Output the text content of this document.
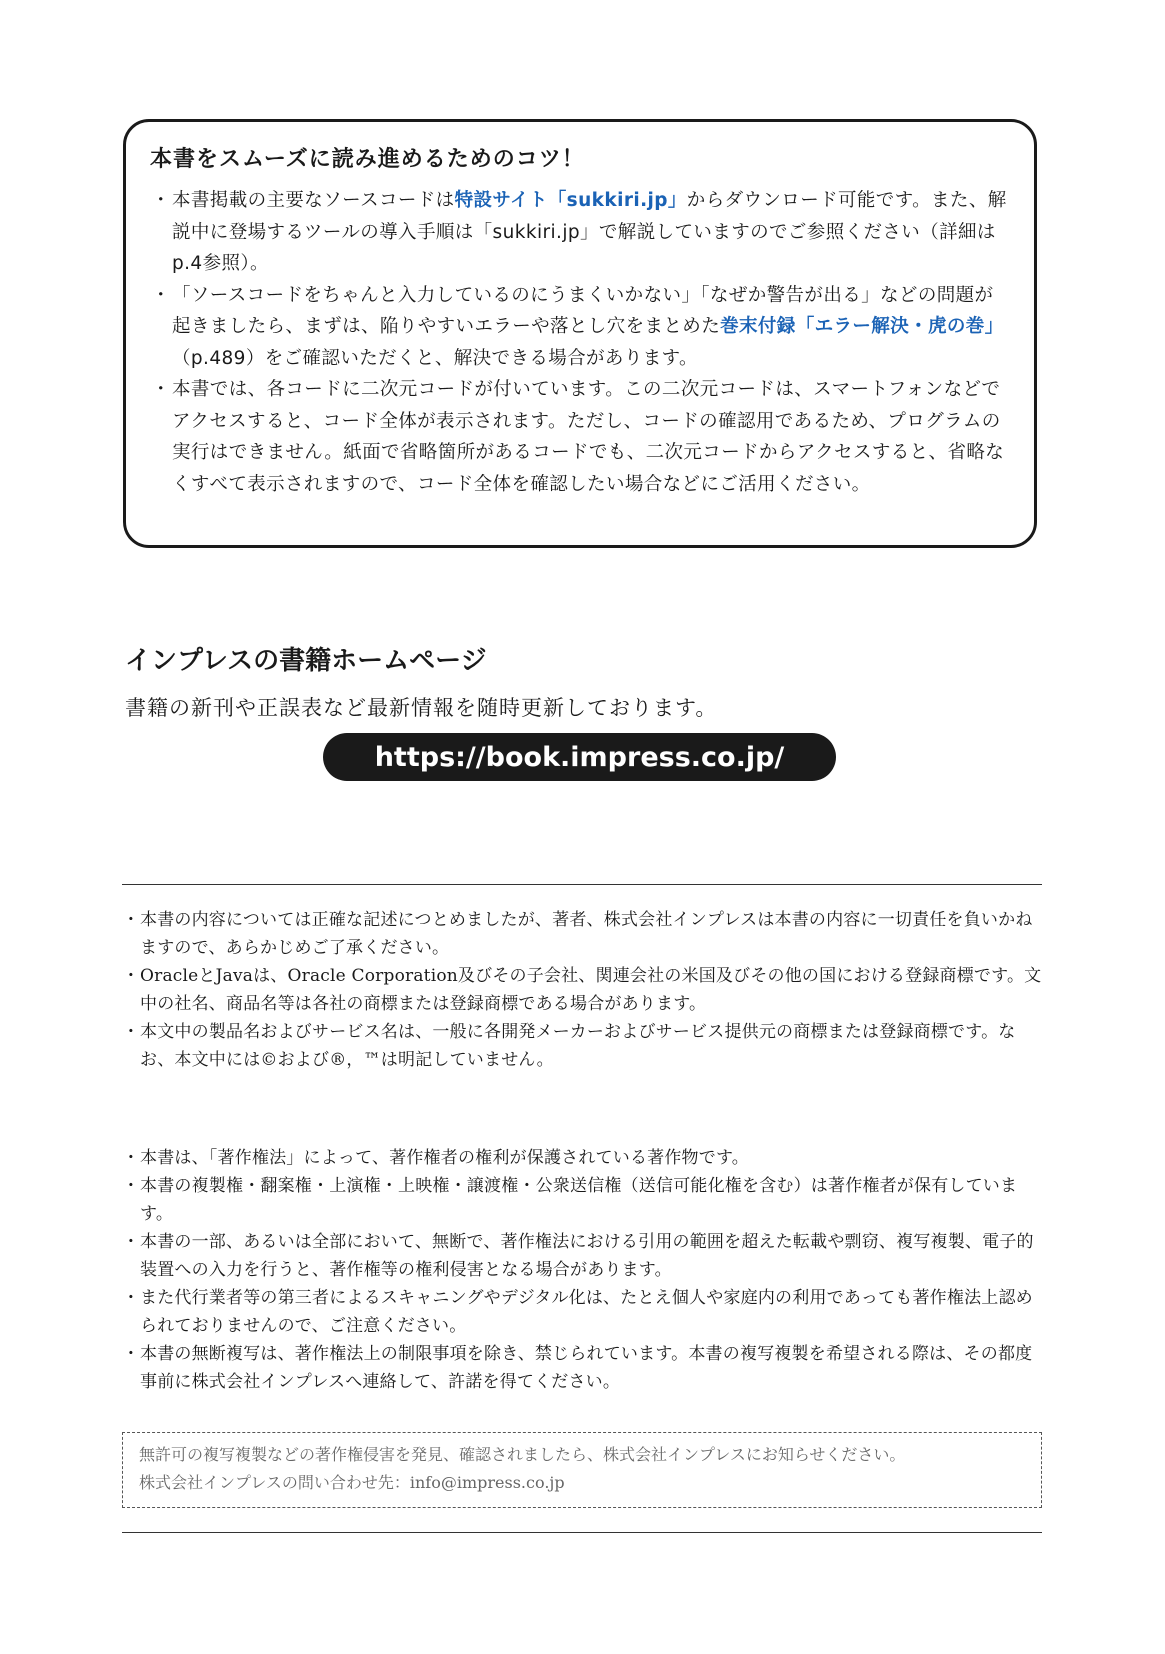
本書をスムーズに読み進めるためのコツ！
・本書掲載の主要なソースコードは特設サイト「sukkiri.jp」からダウンロード可能です。また、解説中に登場するツールの導入手順は「sukkiri.jp」で解説していますのでご参照ください（詳細はp.4参照）。
・「ソースコードをちゃんと入力しているのにうまくいかない」「なぜか警告が出る」などの問題が起きましたら、まずは、陥りやすいエラーや落とし穴をまとめた巻末付録「エラー解決・虎の巻」（p.489）をご確認いただくと、解決できる場合があります。
・本書では、各コードに二次元コードが付いています。この二次元コードは、スマートフォンなどでアクセスすると、コード全体が表示されます。ただし、コードの確認用であるため、プログラムの実行はできません。紙面で省略箇所があるコードでも、二次元コードからアクセスすると、省略なくすべて表示されますので、コード全体を確認したい場合などにご活用ください。
インプレスの書籍ホームページ

書籍の新刊や正誤表など最新情報を随時更新しております。

https://book.impress.co.jp/
・本書の内容については正確な記述につとめましたが、著者、株式会社インプレスは本書の内容に一切責任を負いかねますので、あらかじめご了承ください。
・OracleとJavaは、Oracle Corporation及びその子会社、関連会社の米国及びその他の国における登録商標です。文中の社名、商品名等は各社の商標または登録商標である場合があります。
・本文中の製品名およびサービス名は、一般に各開発メーカーおよびサービス提供元の商標または登録商標です。なお、本文中には©および®，™は明記していません。
・本書は、「著作権法」によって、著作権者の権利が保護されている著作物です。
・本書の複製権・翻案権・上演権・上映権・譲渡権・公衆送信権（送信可能化権を含む）は著作権者が保有しています。
・本書の一部、あるいは全部において、無断で、著作権法における引用の範囲を超えた転載や剽窃、複写複製、電子的装置への入力を行うと、著作権等の権利侵害となる場合があります。
・また代行業者等の第三者によるスキャニングやデジタル化は、たとえ個人や家庭内の利用であっても著作権法上認められておりませんので、ご注意ください。
・本書の無断複写は、著作権法上の制限事項を除き、禁じられています。本書の複写複製を希望される際は、その都度事前に株式会社インプレスへ連絡して、許諾を得てください。

無許可の複写複製などの著作権侵害を発見、確認されましたら、株式会社インプレスにお知らせください。

株式会社インプレスの問い合わせ先：info@impress.co.jp
